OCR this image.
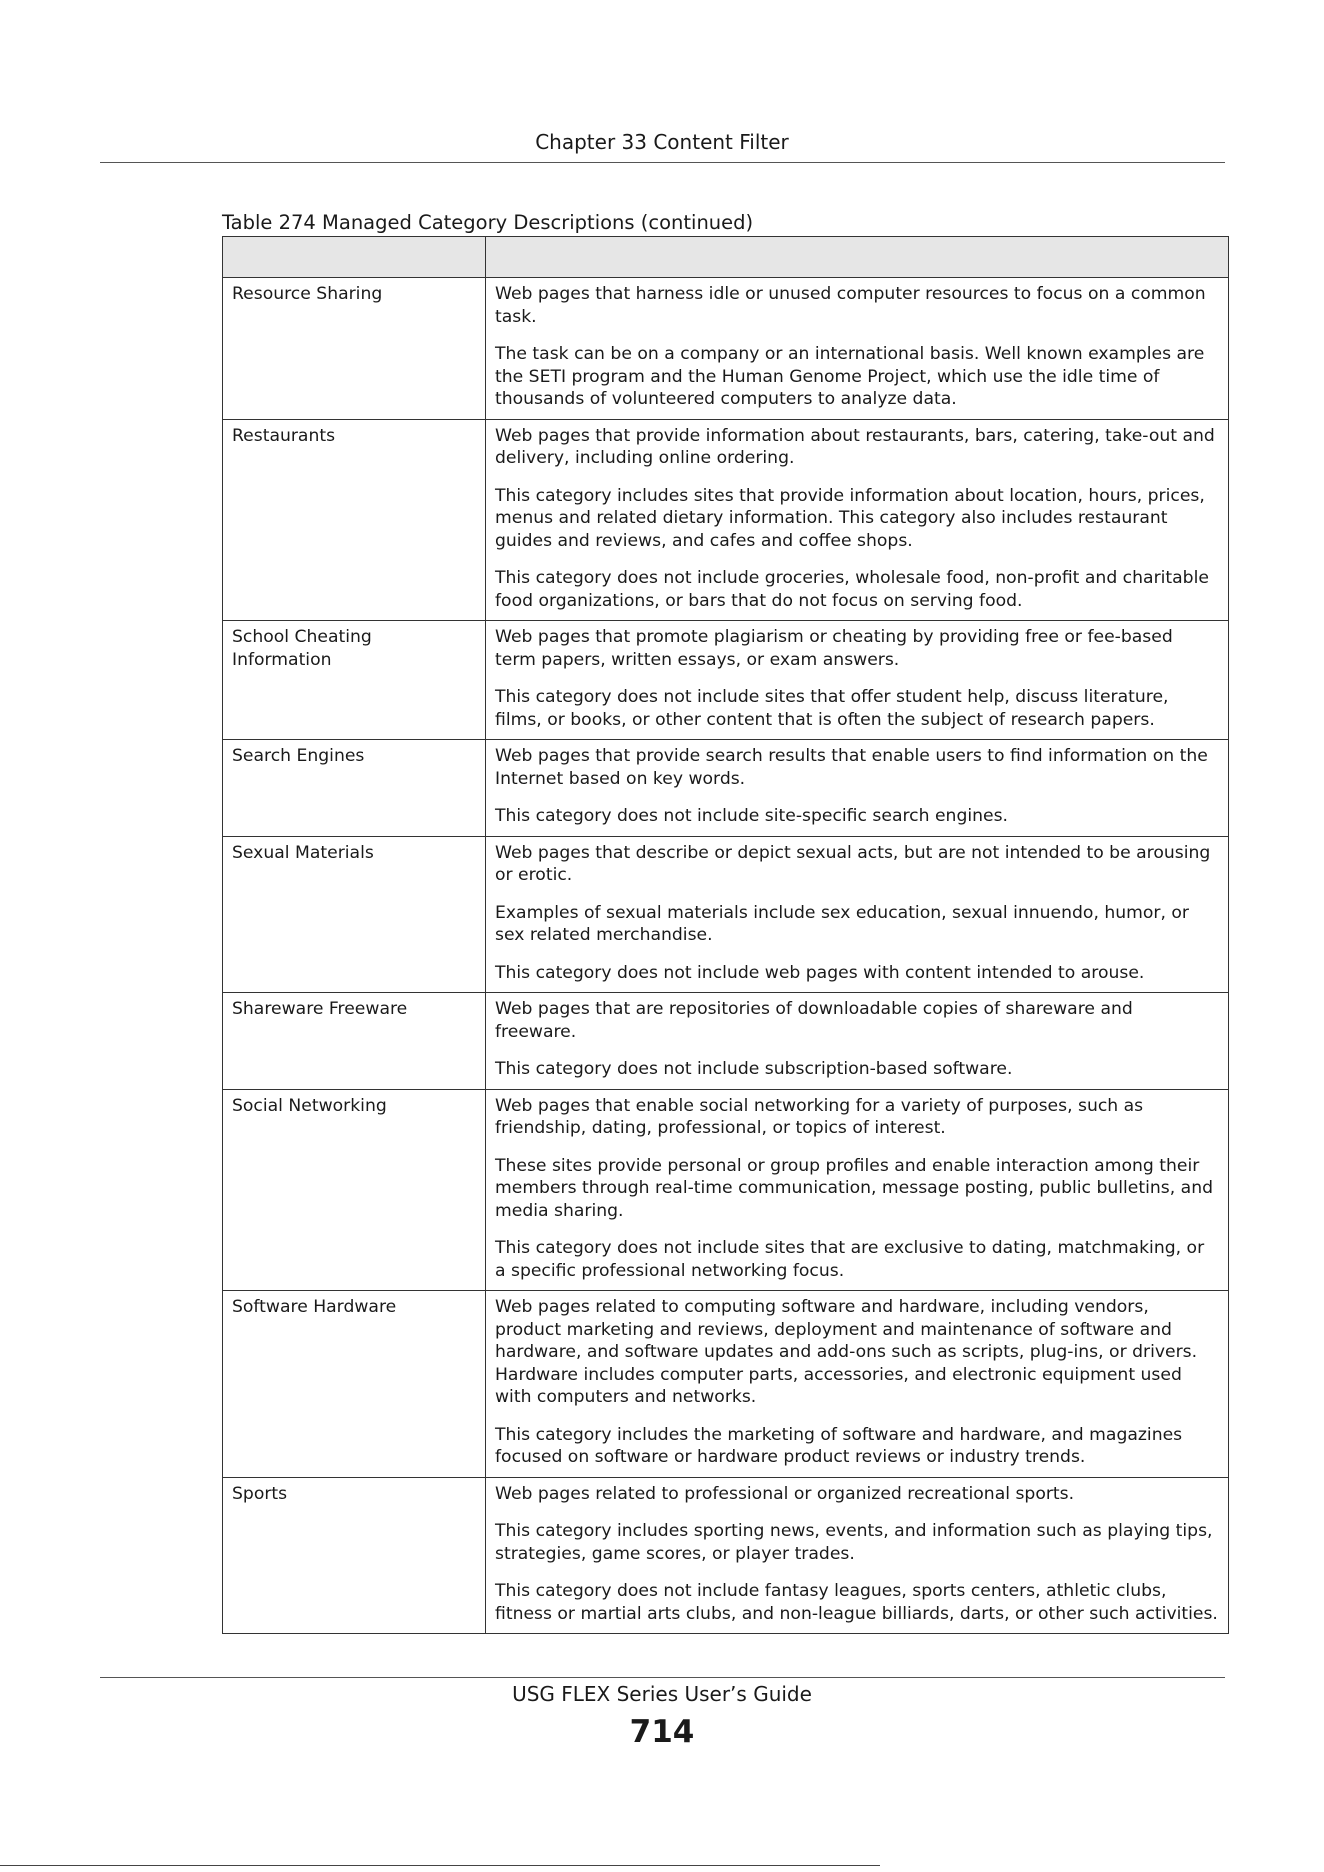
Chapter 33 Content Filter
Table 274 Managed Category Descriptions (continued)

Resource Sharing	Web pages that harness idle or unused computer resources to focus on a common task.

The task can be on a company or an international basis. Well known examples are the SETI program and the Human Genome Project, which use the idle time of thousands of volunteered computers to analyze data.

Restaurants	Web pages that provide information about restaurants, bars, catering, take-out and delivery, including online ordering.

This category includes sites that provide information about location, hours, prices, menus and related dietary information. This category also includes restaurant guides and reviews, and cafes and coffee shops.

This category does not include groceries, wholesale food, non-profit and charitable food organizations, or bars that do not focus on serving food.

School Cheating Information	Web pages that promote plagiarism or cheating by providing free or fee-based term papers, written essays, or exam answers.

This category does not include sites that offer student help, discuss literature, films, or books, or other content that is often the subject of research papers.

Search Engines	Web pages that provide search results that enable users to find information on the Internet based on key words.

This category does not include site-specific search engines.

Sexual Materials	Web pages that describe or depict sexual acts, but are not intended to be arousing or erotic.

Examples of sexual materials include sex education, sexual innuendo, humor, or sex related merchandise.

This category does not include web pages with content intended to arouse.

Shareware Freeware	Web pages that are repositories of downloadable copies of shareware and freeware.

This category does not include subscription-based software.

Social Networking	Web pages that enable social networking for a variety of purposes, such as friendship, dating, professional, or topics of interest.

These sites provide personal or group profiles and enable interaction among their members through real-time communication, message posting, public bulletins, and media sharing.

This category does not include sites that are exclusive to dating, matchmaking, or a specific professional networking focus.

Software Hardware	Web pages related to computing software and hardware, including vendors, product marketing and reviews, deployment and maintenance of software and hardware, and software updates and add-ons such as scripts, plug-ins, or drivers. Hardware includes computer parts, accessories, and electronic equipment used with computers and networks.

This category includes the marketing of software and hardware, and magazines focused on software or hardware product reviews or industry trends.

Sports	Web pages related to professional or organized recreational sports.

This category includes sporting news, events, and information such as playing tips, strategies, game scores, or player trades.

This category does not include fantasy leagues, sports centers, athletic clubs, fitness or martial arts clubs, and non-league billiards, darts, or other such activities.

USG FLEX Series User’s Guide
714
